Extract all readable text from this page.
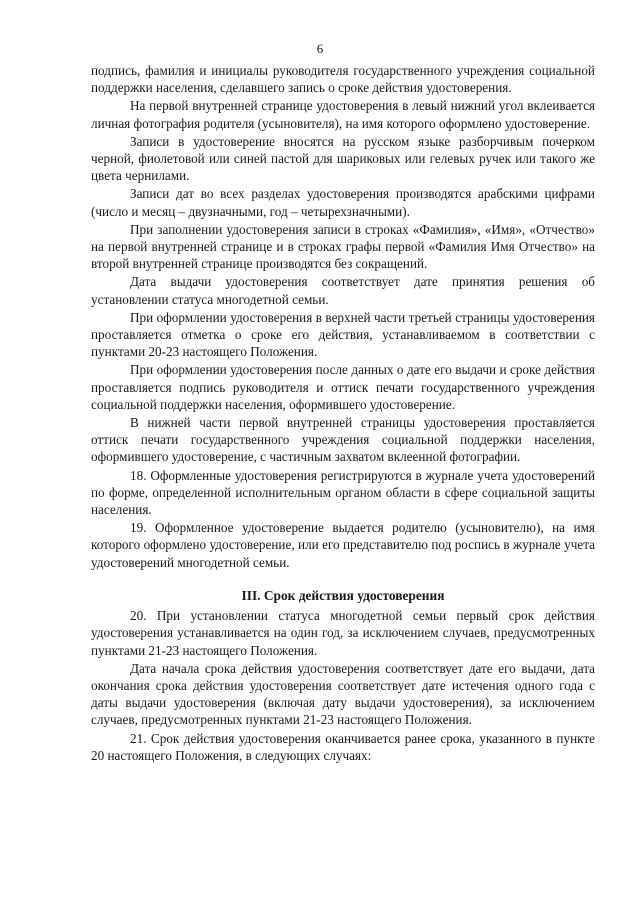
6

подпись, фамилия и инициалы руководителя государственного учреждения социальной поддержки населения, сделавшего запись о сроке действия удостоверения.

На первой внутренней странице удостоверения в левый нижний угол вклеивается личная фотография родителя (усыновителя), на имя которого оформлено удостоверение.

Записи в удостоверение вносятся на русском языке разборчивым почерком черной, фиолетовой или синей пастой для шариковых или гелевых ручек или такого же цвета чернилами.

Записи дат во всех разделах удостоверения производятся арабскими цифрами (число и месяц – двузначными, год – четырехзначными).

При заполнении удостоверения записи в строках «Фамилия», «Имя», «Отчество» на первой внутренней странице и в строках графы первой «Фамилия Имя Отчество» на второй внутренней странице производятся без сокращений.

Дата выдачи удостоверения соответствует дате принятия решения об установлении статуса многодетной семьи.

При оформлении удостоверения в верхней части третьей страницы удостоверения проставляется отметка о сроке его действия, устанавливаемом в соответствии с пунктами 20-23 настоящего Положения.

При оформлении удостоверения после данных о дате его выдачи и сроке действия проставляется подпись руководителя и оттиск печати государственного учреждения социальной поддержки населения, оформившего удостоверение.

В нижней части первой внутренней страницы удостоверения проставляется оттиск печати государственного учреждения социальной поддержки населения, оформившего удостоверение, с частичным захватом вклеенной фотографии.

18. Оформленные удостоверения регистрируются в журнале учета удостоверений по форме, определенной исполнительным органом области в сфере социальной защиты населения.

19. Оформленное удостоверение выдается родителю (усыновителю), на имя которого оформлено удостоверение, или его представителю под роспись в журнале учета удостоверений многодетной семьи.

III. Срок действия удостоверения

20. При установлении статуса многодетной семьи первый срок действия удостоверения устанавливается на один год, за исключением случаев, предусмотренных пунктами 21-23 настоящего Положения.

Дата начала срока действия удостоверения соответствует дате его выдачи, дата окончания срока действия удостоверения соответствует дате истечения одного года с даты выдачи удостоверения (включая дату выдачи удостоверения), за исключением случаев, предусмотренных пунктами 21-23 настоящего Положения.

21. Срок действия удостоверения оканчивается ранее срока, указанного в пункте 20 настоящего Положения, в следующих случаях:
